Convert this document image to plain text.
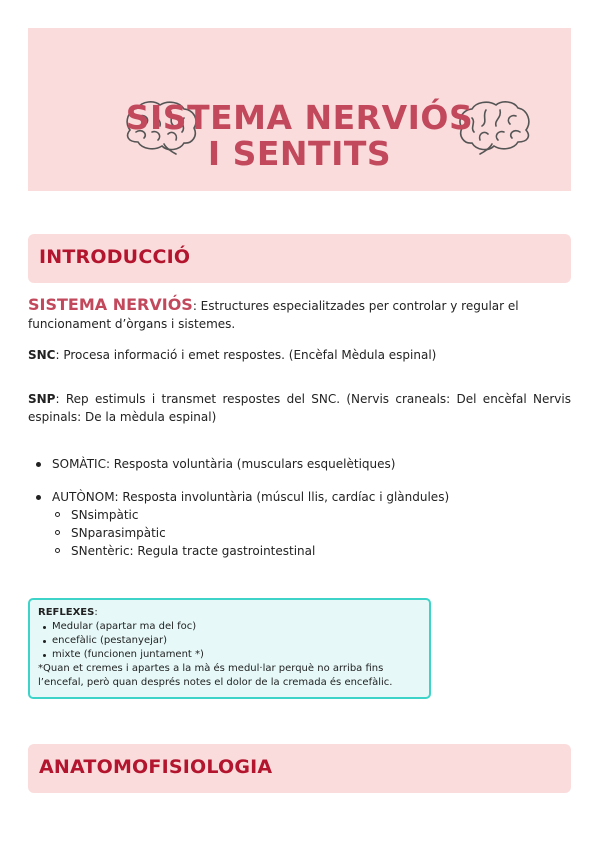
SISTEMA NERVIÓS
I SENTITS
INTRODUCCIÓ
SISTEMA NERVIÓS: Estructures especialitzades per controlar y regular el funcionament d’òrgans i sistemes.
SNC: Procesa informació i emet respostes. (Encèfal Mèdula espinal)
SNP: Rep estimuls i transmet respostes del SNC. (Nervis craneals: Del encèfal Nervis espinals: De la mèdula espinal)
SOMÀTIC: Resposta voluntària (musculars esquelètiques)
AUTÒNOM: Resposta involuntària (múscul llis, cardíac i glàndules)
SNsimpàtic
SNparasimpàtic
SNentèric: Regula tracte gastrointestinal
REFLEXES:
Medular (apartar ma del foc)
encefàlic (pestanyejar)
mixte (funcionen juntament *)
*Quan et cremes i apartes a la mà és medul·lar perquè no arriba fins l’encefal, però quan després notes el dolor de la cremada és encefàlic.
ANATOMOFISIOLOGIA
